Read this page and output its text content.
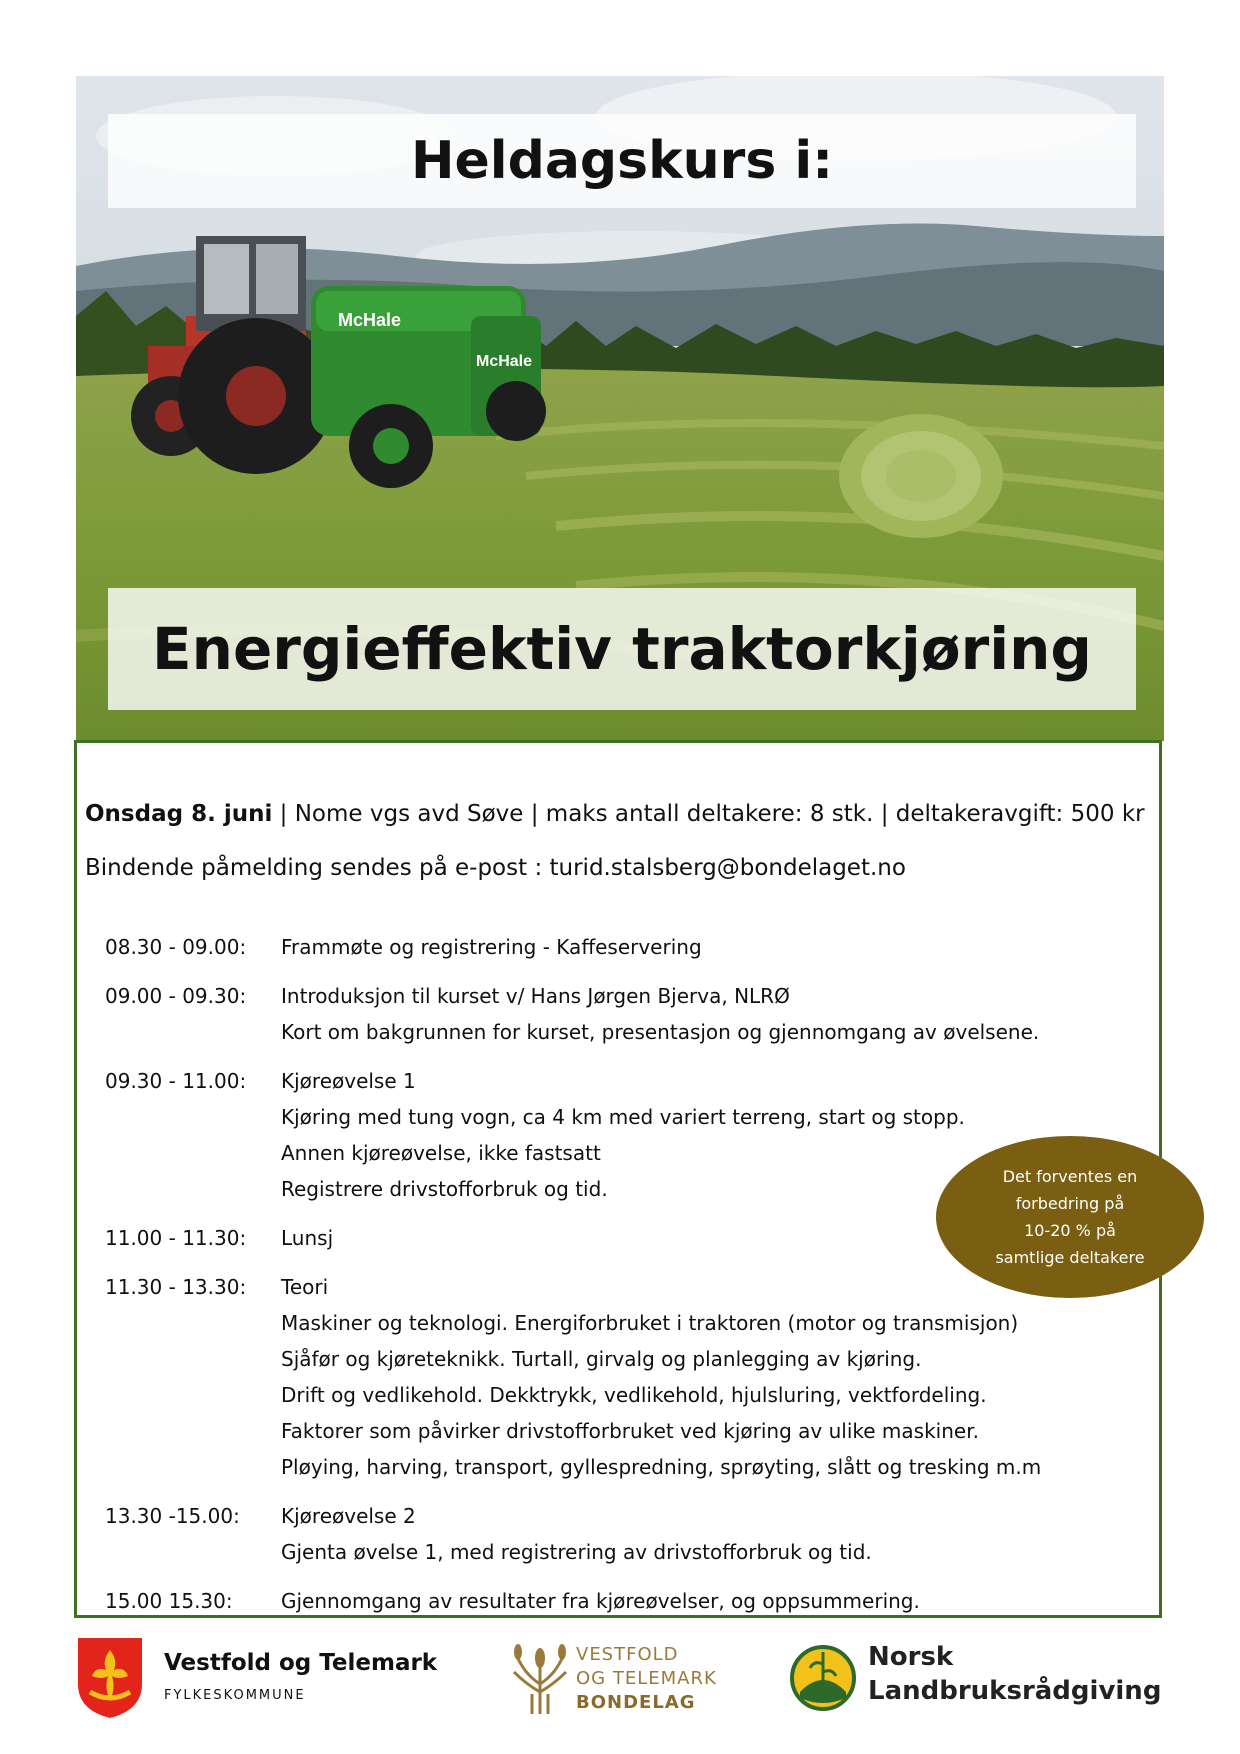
McHale
McHale
Heldagskurs i:
Energieffektiv traktorkjøring
Onsdag 8. juni | Nome vgs avd Søve | maks antall deltakere: 8 stk. | deltakeravgift: 500 kr
Bindende påmelding sendes på e-post : turid.stalsberg@bondelaget.no
08.30 - 09.00:	Frammøte og registrering - Kaffeservering
09.00 - 09.30:	Introduksjon til kurset v/ Hans Jørgen Bjerva, NLRØ
Kort om bakgrunnen for kurset, presentasjon og gjennomgang av øvelsene.
09.30 - 11.00:	Kjøreøvelse 1
Kjøring med tung vogn, ca 4 km med variert terreng, start og stopp.
Annen kjøreøvelse, ikke fastsatt
Registrere drivstofforbruk og tid.
11.00 - 11.30:	Lunsj
11.30 - 13.30:	Teori
Maskiner og teknologi. Energiforbruket i traktoren (motor og transmisjon)
Sjåfør og kjøreteknikk. Turtall, girvalg og planlegging av kjøring.
Drift og vedlikehold. Dekktrykk, vedlikehold, hjulsluring, vektfordeling.
Faktorer som påvirker drivstofforbruket ved kjøring av ulike maskiner.
Pløying, harving, transport, gyllespredning, sprøyting, slått og tresking m.m
13.30 -15.00:	Kjøreøvelse 2
Gjenta øvelse 1, med registrering av drivstofforbruk og tid.
15.00 15.30:	Gjennomgang av resultater fra kjøreøvelser, og oppsummering.
Det forventes en
forbedring på
10-20 % på
samtlige deltakere
Vestfold og Telemark
FYLKESKOMMUNE
VESTFOLD
OG TELEMARK
BONDELAG
Norsk
Landbruksrådgiving
